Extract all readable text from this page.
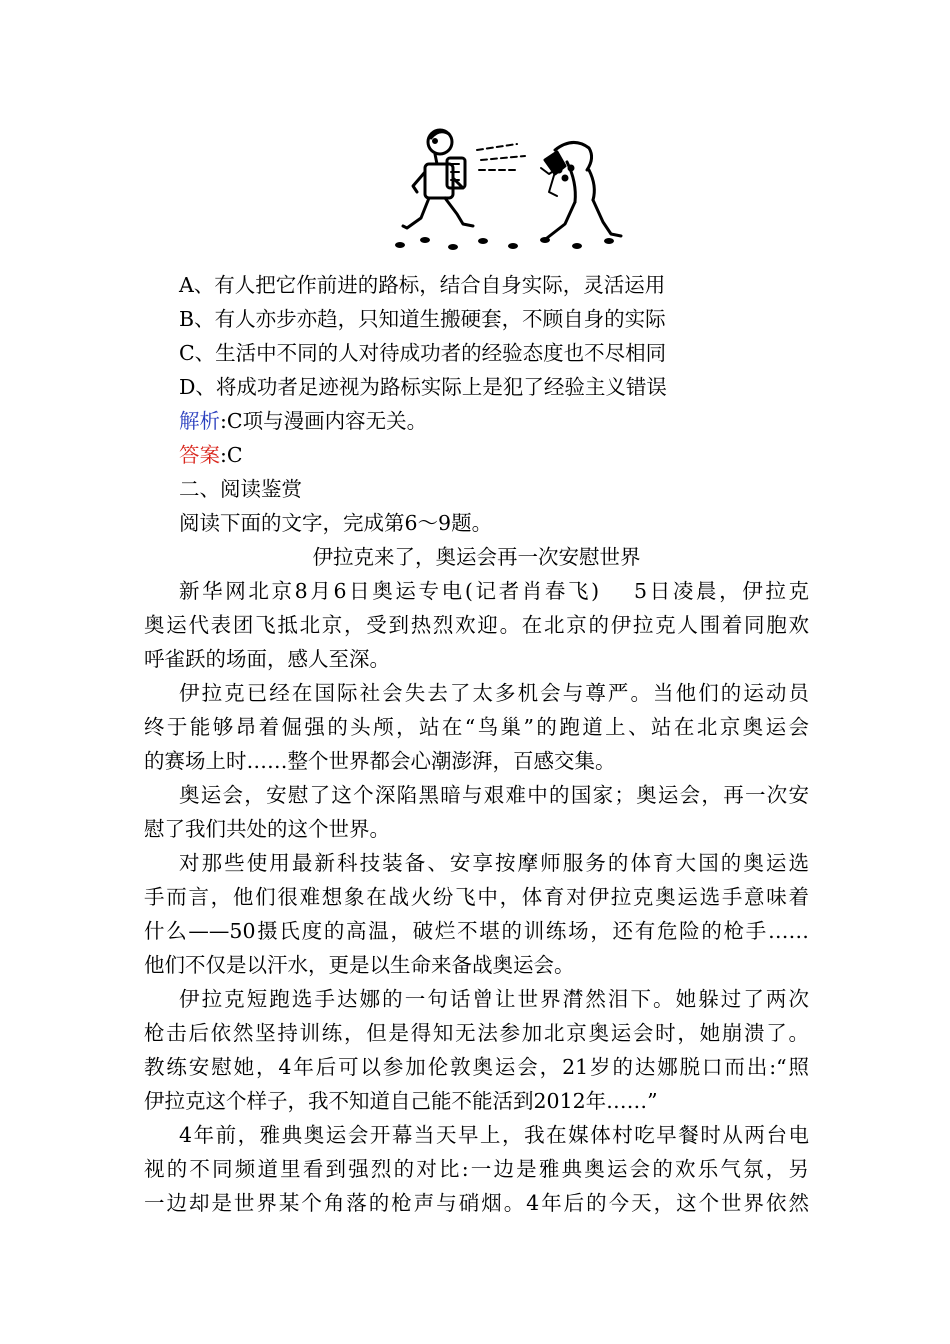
A、有人把它作前进的路标，结合自身实际，灵活运用
B、有人亦步亦趋，只知道生搬硬套，不顾自身的实际
C、生活中不同的人对待成功者的经验态度也不尽相同
D、将成功者足迹视为路标实际上是犯了经验主义错误
解析:C项与漫画内容无关。
答案:C
二、阅读鉴赏
阅读下面的文字，完成第6～9题。
伊拉克来了，奥运会再一次安慰世界
新华网北京8月6日奥运专电(记者肖春飞)　 5日凌晨，伊拉克
奥运代表团飞抵北京，受到热烈欢迎。在北京的伊拉克人围着同胞欢
呼雀跃的场面，感人至深。
伊拉克已经在国际社会失去了太多机会与尊严。当他们的运动员
终于能够昂着倔强的头颅，站在“鸟巢”的跑道上、站在北京奥运会
的赛场上时……整个世界都会心潮澎湃，百感交集。
奥运会，安慰了这个深陷黑暗与艰难中的国家；奥运会，再一次安
慰了我们共处的这个世界。
对那些使用最新科技装备、安享按摩师服务的体育大国的奥运选
手而言，他们很难想象在战火纷飞中，体育对伊拉克奥运选手意味着
什么——50摄氏度的高温，破烂不堪的训练场，还有危险的枪手……
他们不仅是以汗水，更是以生命来备战奥运会。
伊拉克短跑选手达娜的一句话曾让世界潸然泪下。她躲过了两次
枪击后依然坚持训练，但是得知无法参加北京奥运会时，她崩溃了。
教练安慰她，4年后可以参加伦敦奥运会，21岁的达娜脱口而出:“照
伊拉克这个样子，我不知道自己能不能活到2012年……”
4年前，雅典奥运会开幕当天早上，我在媒体村吃早餐时从两台电
视的不同频道里看到强烈的对比:一边是雅典奥运会的欢乐气氛，另
一边却是世界某个角落的枪声与硝烟。4年后的今天，这个世界依然
